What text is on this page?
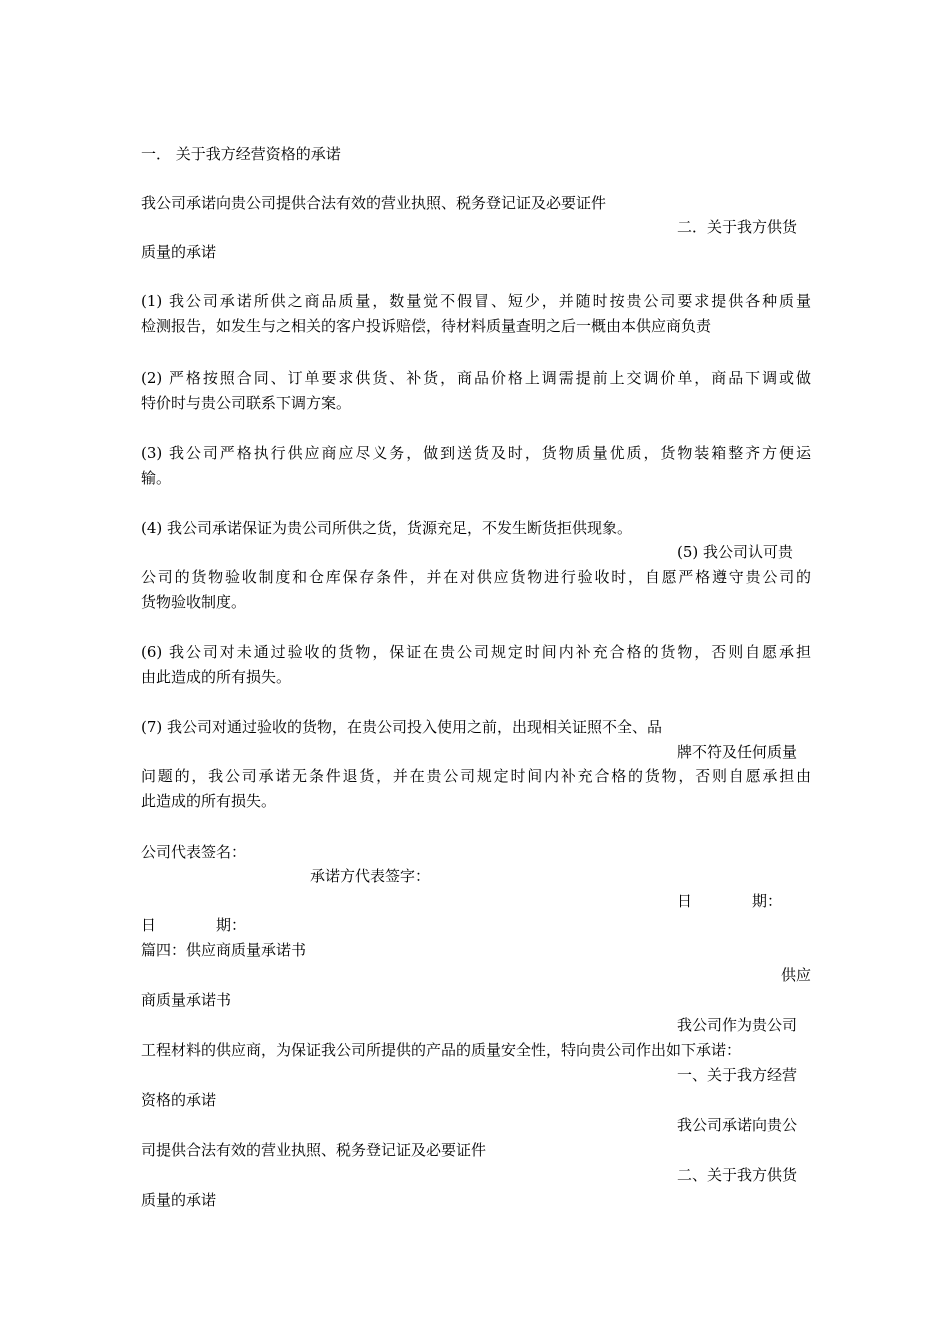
一． 关于我方经营资格的承诺
我公司承诺向贵公司提供合法有效的营业执照、税务登记证及必要证件
二．关于我方供货
质量的承诺
(1) 我公司承诺所供之商品质量，数量觉不假冒、短少，并随时按贵公司要求提供各种质量
检测报告，如发生与之相关的客户投诉赔偿，待材料质量查明之后一概由本供应商负责
(2) 严格按照合同、订单要求供货、补货，商品价格上调需提前上交调价单，商品下调或做
特价时与贵公司联系下调方案。
(3) 我公司严格执行供应商应尽义务，做到送货及时，货物质量优质，货物装箱整齐方便运
输。
(4) 我公司承诺保证为贵公司所供之货，货源充足，不发生断货拒供现象。
(5) 我公司认可贵
公司的货物验收制度和仓库保存条件，并在对供应货物进行验收时，自愿严格遵守贵公司的
货物验收制度。
(6) 我公司对未通过验收的货物，保证在贵公司规定时间内补充合格的货物，否则自愿承担
由此造成的所有损失。
(7) 我公司对通过验收的货物，在贵公司投入使用之前，出现相关证照不全、品
牌不符及任何质量
问题的，我公司承诺无条件退货，并在贵公司规定时间内补充合格的货物，否则自愿承担由
此造成的所有损失。
公司代表签名：
承诺方代表签字：
日　　　　期：
日　　　　期：
篇四：供应商质量承诺书
供应
商质量承诺书
我公司作为贵公司
工程材料的供应商，为保证我公司所提供的产品的质量安全性，特向贵公司作出如下承诺：
一、关于我方经营
资格的承诺
我公司承诺向贵公
司提供合法有效的营业执照、税务登记证及必要证件
二、关于我方供货
质量的承诺
